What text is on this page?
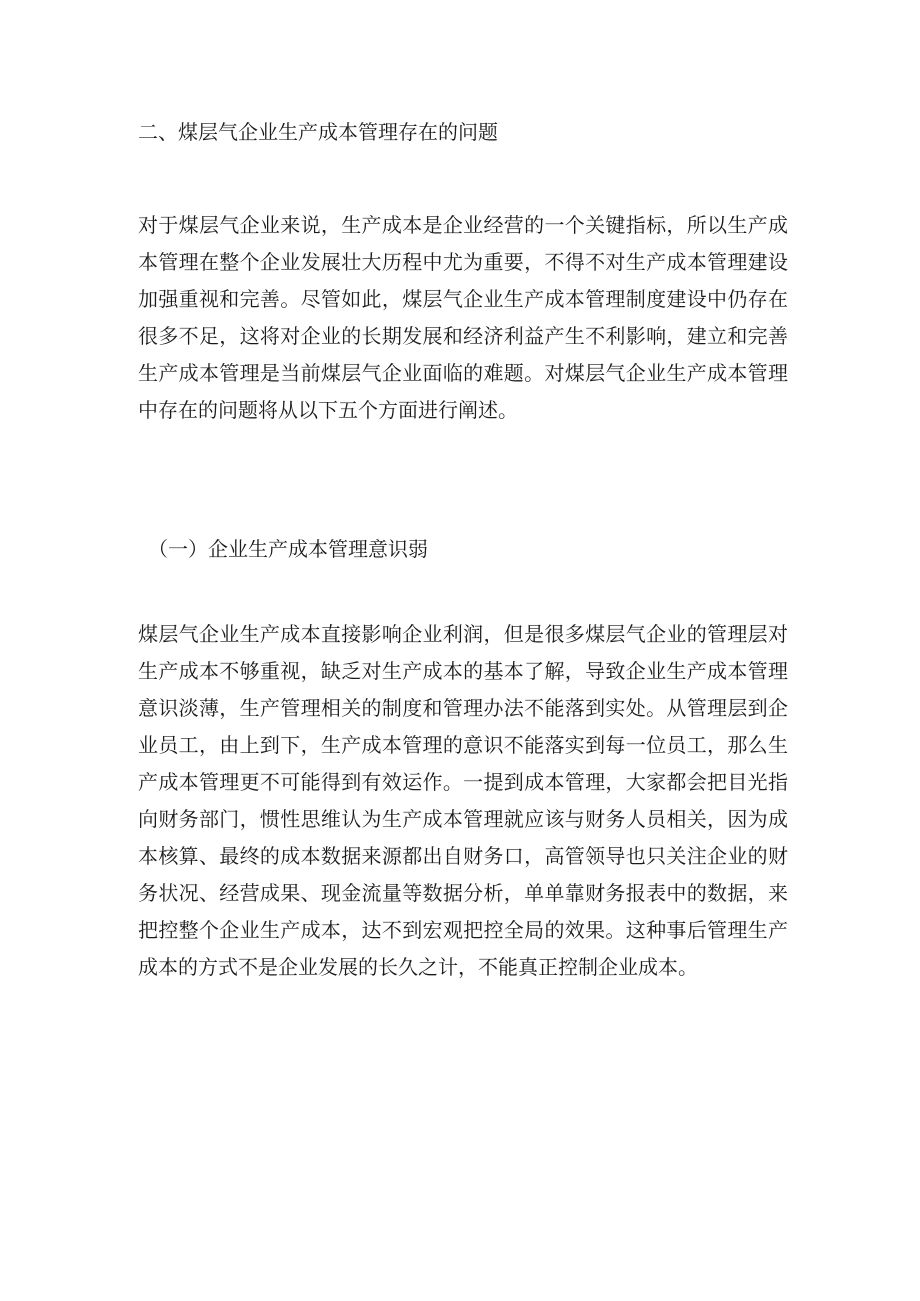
二、煤层气企业生产成本管理存在的问题
对于煤层气企业来说，生产成本是企业经营的一个关键指标，所以生产成
本管理在整个企业发展壮大历程中尤为重要，不得不对生产成本管理建设
加强重视和完善。尽管如此，煤层气企业生产成本管理制度建设中仍存在
很多不足，这将对企业的长期发展和经济利益产生不利影响，建立和完善
生产成本管理是当前煤层气企业面临的难题。对煤层气企业生产成本管理
中存在的问题将从以下五个方面进行阐述。
（一）企业生产成本管理意识弱
煤层气企业生产成本直接影响企业利润，但是很多煤层气企业的管理层对
生产成本不够重视，缺乏对生产成本的基本了解，导致企业生产成本管理
意识淡薄，生产管理相关的制度和管理办法不能落到实处。从管理层到企
业员工，由上到下，生产成本管理的意识不能落实到每一位员工，那么生
产成本管理更不可能得到有效运作。一提到成本管理，大家都会把目光指
向财务部门，惯性思维认为生产成本管理就应该与财务人员相关，因为成
本核算、最终的成本数据来源都出自财务口，高管领导也只关注企业的财
务状况、经营成果、现金流量等数据分析，单单靠财务报表中的数据，来
把控整个企业生产成本，达不到宏观把控全局的效果。这种事后管理生产
成本的方式不是企业发展的长久之计，不能真正控制企业成本。
